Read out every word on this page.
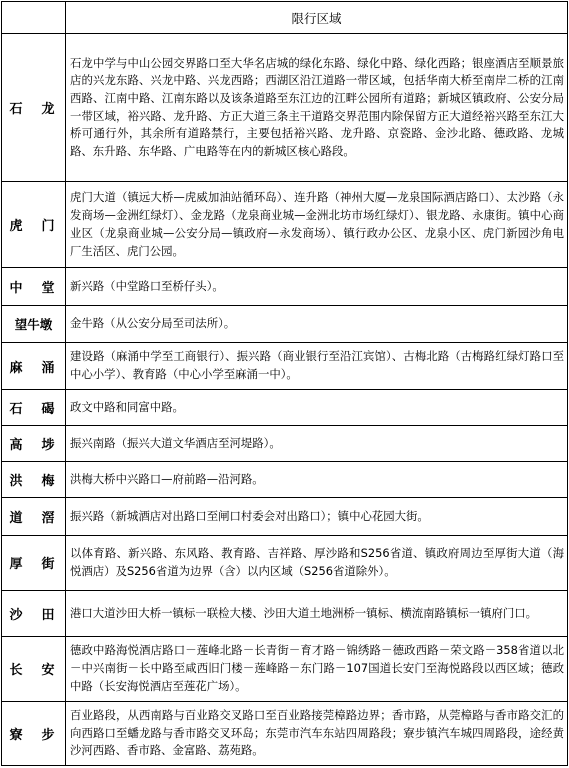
	限行区域
石　龙	石龙中学与中山公园交界路口至大华名店城的绿化东路、绿化中路、绿化西路；银座酒店至顺景旅店的兴龙东路、兴龙中路、兴龙西路；西湖区沿江道路一带区域，包括华南大桥至南岸二桥的江南西路、江南中路、江南东路以及该条道路至东江边的江畔公园所有道路；新城区镇政府、公安分局一带区域，裕兴路、龙升路、方正大道三条主干道路交界范围内除保留方正大道经裕兴路至东江大桥可通行外，其余所有道路禁行，主要包括裕兴路、龙升路、京瓷路、金沙北路、德政路、龙城路、东升路、东华路、广电路等在内的新城区核心路段。
虎　门	虎门大道（镇远大桥—虎威加油站循环岛）、连升路（神州大厦—龙泉国际酒店路口）、太沙路（永发商场—金洲红绿灯）、金龙路（龙泉商业城—金洲北坊市场红绿灯）、银龙路、永康街。镇中心商业区（龙泉商业城—公安分局—镇政府—永发商场）、镇行政办公区、龙泉小区、虎门新园沙角电厂生活区、虎门公园。
中　堂	新兴路（中堂路口至桥仔头）。
望牛墩	金牛路（从公安分局至司法所）。
麻　涌	建设路（麻涌中学至工商银行）、振兴路（商业银行至沿江宾馆）、古梅北路（古梅路红绿灯路口至中心小学）、教育路（中心小学至麻涌一中）。
石　碣	政文中路和同富中路。
高　埗	振兴南路（振兴大道文华酒店至河堤路）。
洪　梅	洪梅大桥中兴路口—府前路—沿河路。
道　滘	振兴路（新城酒店对出路口至闸口村委会对出路口）；镇中心花园大街。
厚　街	以体育路、新兴路、东风路、教育路、吉祥路、厚沙路和S256省道、镇政府周边至厚街大道（海悦酒店）及S256省道为边界（含）以内区域（S256省道除外）。
沙　田	港口大道沙田大桥一镇标一联检大楼、沙田大道土地洲桥一镇标、横流南路镇标一镇府门口。
长　安	德政中路海悦酒店路口－莲峰北路－长青街－育才路－锦绣路－德政西路－荣文路－358省道以北－中兴南街－长中路至咸西旧门楼－莲峰路－东门路－107国道长安门至海悦路段以西区域；德政中路（长安海悦酒店至莲花广场）。
寮　步	百业路段，从西南路与百业路交叉路口至百业路接莞樟路边界；香市路，从莞樟路与香市路交汇的向西路口至蟠龙路与香市路交叉环岛；东莞市汽车东站四周路段；寮步镇汽车城四周路段，途经黄沙河西路、香市路、金富路、荔苑路。
